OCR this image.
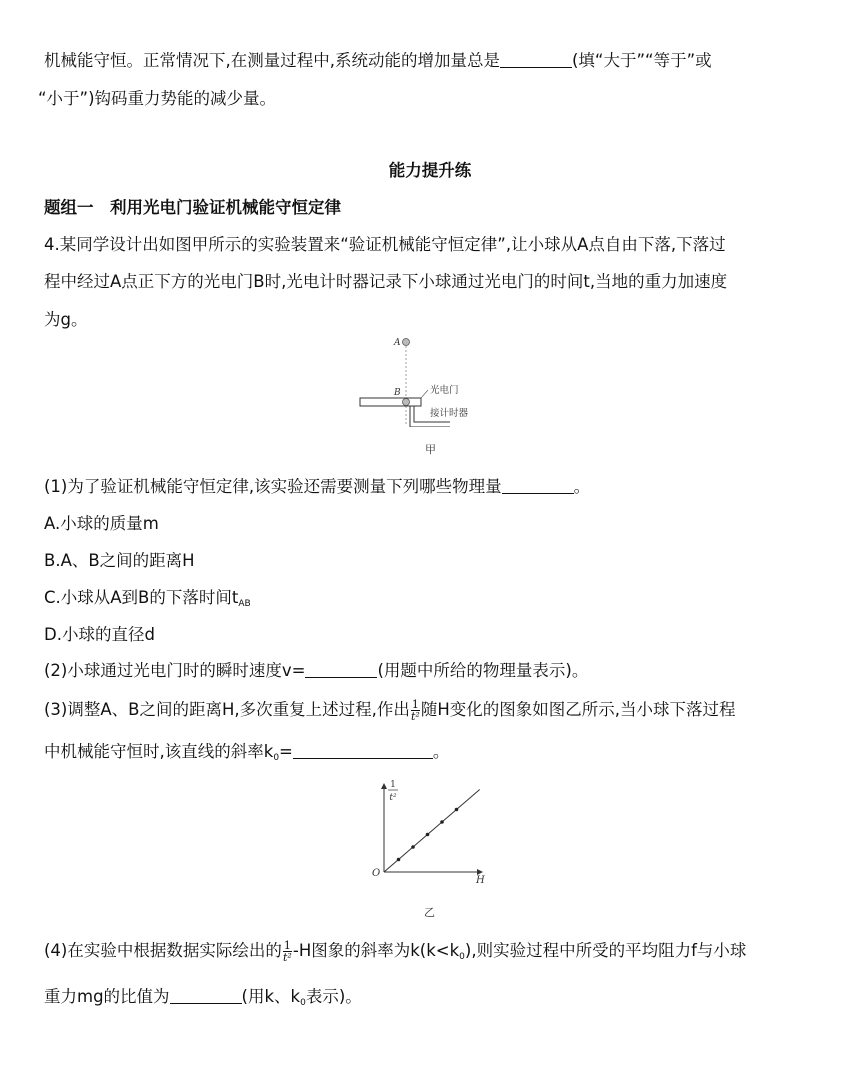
机械能守恒。正常情况下,在测量过程中,系统动能的增加量总是	(填“大于”“等于”或
“小于”)钩码重力势能的减少量。
能力提升练
题组一　利用光电门验证机械能守恒定律
4.某同学设计出如图甲所示的实验装置来“验证机械能守恒定律”,让小球从A点自由下落,下落过
程中经过A点正下方的光电门B时,光电计时器记录下小球通过光电门的时间t,当地的重力加速度
为g。
A
B	光电门
接计时器
甲
(1)为了验证机械能守恒定律,该实验还需要测量下列哪些物理量	。
A.小球的质量m
B.A、B之间的距离H
C.小球从A到B的下落时间$t_{AB}$
D.小球的直径d
(2)小球通过光电门时的瞬时速度v=	(用题中所给的物理量表示)。
(3)调整A、B之间的距离H,多次重复上述过程,作出 $\frac{1}{\text{t²}}$ 随H变化的图象如图乙所示,当小球下落过程
中机械能守恒时,该直线的斜率$k_0=$	。
1
t²
O
H
乙
(4)在实验中根据数据实际绘出的 $\frac{1}{\text{t²}} -H$图象的斜率为$k(k<k_0)$,则实验过程中所受的平均阻力f与小球
重力mg的比值为	(用k、$k_0$表示)。
